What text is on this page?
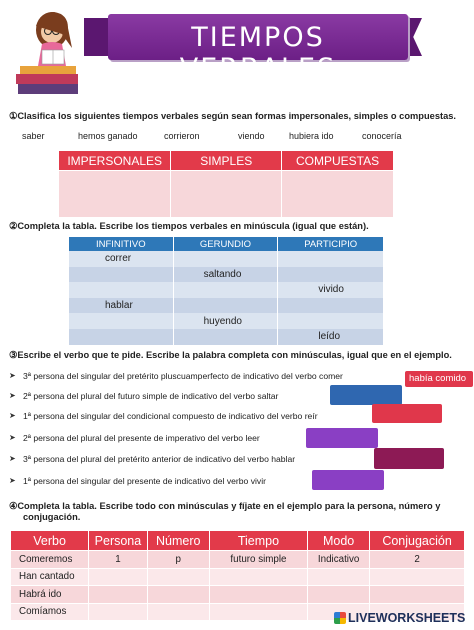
TIEMPOS VERBALES
①Clasifica los siguientes tiempos verbales según sean formas impersonales, simples o compuestas.
saber	hemos ganado	corrieron	viendo	hubiera ido	conocería
IMPERSONALES	SIMPLES	COMPUESTAS

②Completa la tabla. Escribe los tiempos verbales en minúscula (igual que están).
INFINITIVO	GERUNDIO	PARTICIPIO
correr		
	saltando	
		vivido
hablar		
	huyendo	
		leído
③Escribe el verbo que te pide. Escribe la palabra completa con minúsculas, igual que en el ejemplo.
➤ 3ª persona del singular del pretérito pluscuamperfecto de indicativo del verbo comer	había comido
➤ 2ª persona del plural del futuro simple de indicativo del verbo saltar
➤ 1ª persona del singular del condicional compuesto de indicativo del verbo reír
➤ 2ª persona del plural del presente de imperativo del verbo leer
➤ 3ª persona del plural del pretérito anterior de indicativo del verbo hablar
➤ 1ª persona del singular del presente de indicativo del verbo vivir
④Completa la tabla. Escribe todo con minúsculas y fíjate en el ejemplo para la persona, número y
conjugación.
Verbo	Persona	Número	Tiempo	Modo	Conjugación
Comeremos	1	p	futuro simple	Indicativo	2
Han cantado					
Habrá ido					
Comíamos						LIVEWORKSHEETS
